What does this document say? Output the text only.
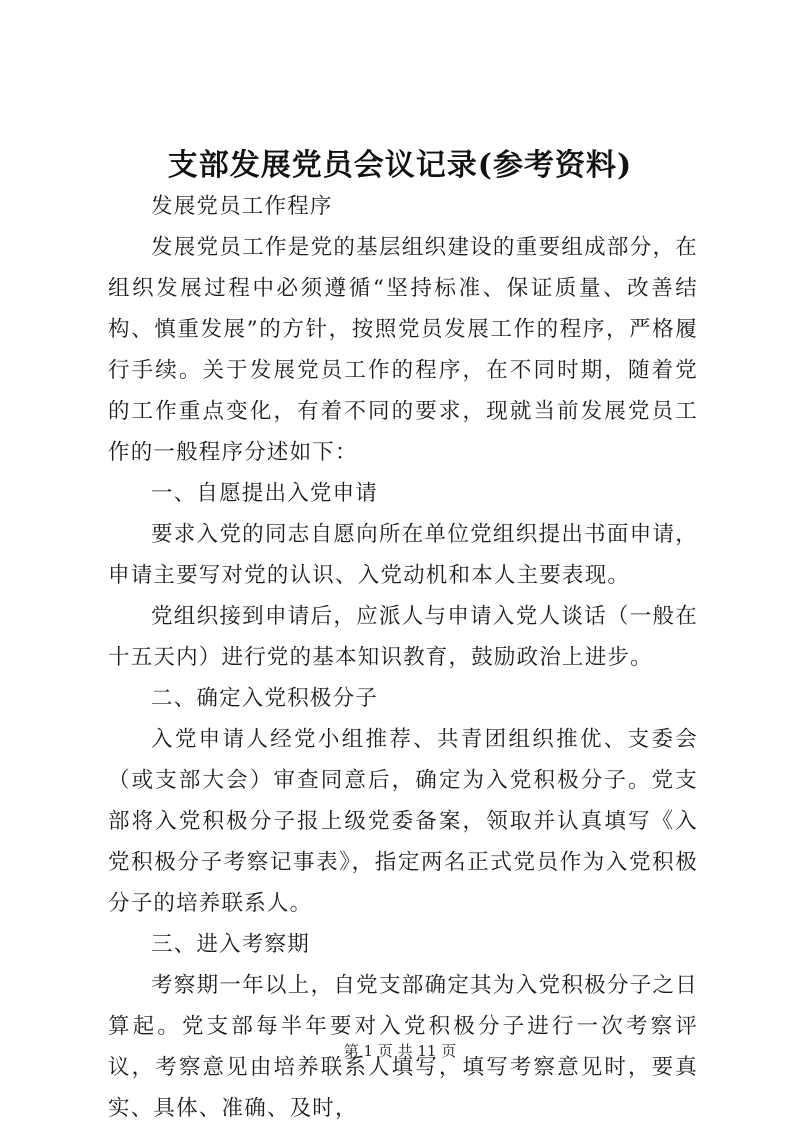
支部发展党员会议记录(参考资料)

发展党员工作程序

发展党员工作是党的基层组织建设的重要组成部分，在组织发展过程中必须遵循“坚持标准、保证质量、改善结构、慎重发展”的方针，按照党员发展工作的程序，严格履行手续。关于发展党员工作的程序，在不同时期，随着党的工作重点变化，有着不同的要求，现就当前发展党员工作的一般程序分述如下：

一、自愿提出入党申请

要求入党的同志自愿向所在单位党组织提出书面申请，申请主要写对党的认识、入党动机和本人主要表现。

党组织接到申请后，应派人与申请入党人谈话（一般在十五天内）进行党的基本知识教育，鼓励政治上进步。

二、确定入党积极分子

入党申请人经党小组推荐、共青团组织推优、支委会（或支部大会）审查同意后，确定为入党积极分子。党支部将入党积极分子报上级党委备案，领取并认真填写《入党积极分子考察记事表》，指定两名正式党员作为入党积极分子的培养联系人。

三、进入考察期

考察期一年以上，自党支部确定其为入党积极分子之日算起。党支部每半年要对入党积极分子进行一次考察评议，考察意见由培养联系人填写，填写考察意见时，要真实、具体、准确、及时，

第 1 页 共 11 页
